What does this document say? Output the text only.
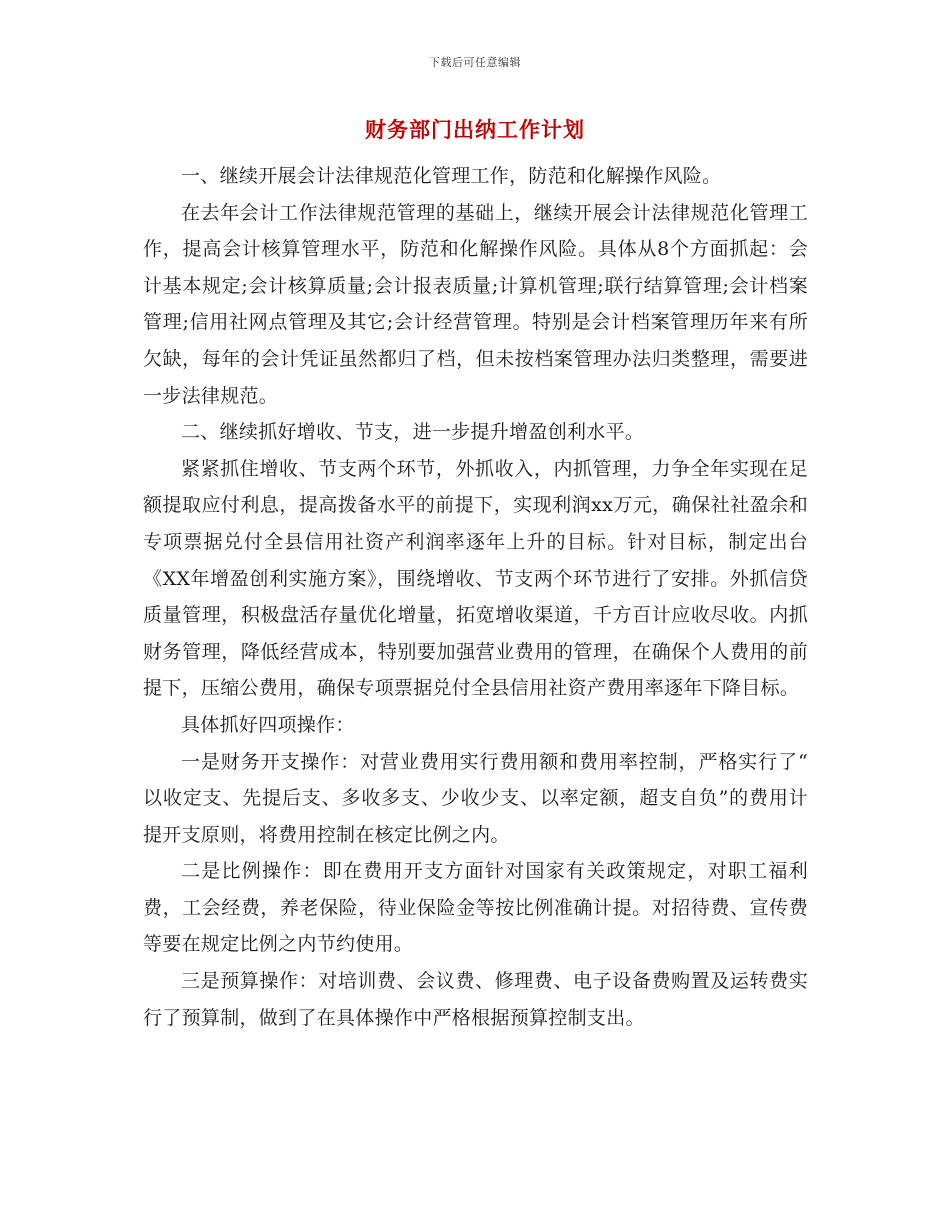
下载后可任意编辑
财务部门出纳工作计划

一、继续开展会计法律规范化管理工作，防范和化解操作风险。

在去年会计工作法律规范管理的基础上，继续开展会计法律规范化管理工作，提高会计核算管理水平，防范和化解操作风险。具体从8个方面抓起：会计基本规定;会计核算质量;会计报表质量;计算机管理;联行结算管理;会计档案管理;信用社网点管理及其它;会计经营管理。特别是会计档案管理历年来有所欠缺，每年的会计凭证虽然都归了档，但未按档案管理办法归类整理，需要进一步法律规范。

二、继续抓好增收、节支，进一步提升增盈创利水平。

紧紧抓住增收、节支两个环节，外抓收入，内抓管理，力争全年实现在足额提取应付利息，提高拨备水平的前提下，实现利润xx万元，确保社社盈余和专项票据兑付全县信用社资产利润率逐年上升的目标。针对目标，制定出台《XX年增盈创利实施方案》，围绕增收、节支两个环节进行了安排。外抓信贷质量管理，积极盘活存量优化增量，拓宽增收渠道，千方百计应收尽收。内抓财务管理，降低经营成本，特别要加强营业费用的管理，在确保个人费用的前提下，压缩公费用，确保专项票据兑付全县信用社资产费用率逐年下降目标。

具体抓好四项操作：

一是财务开支操作：对营业费用实行费用额和费用率控制，严格实行了“ 以收定支、先提后支、多收多支、少收少支、以率定额，超支自负”的费用计提开支原则，将费用控制在核定比例之内。

二是比例操作：即在费用开支方面针对国家有关政策规定，对职工福利费，工会经费，养老保险，待业保险金等按比例准确计提。对招待费、宣传费等要在规定比例之内节约使用。

三是预算操作：对培训费、会议费、修理费、电子设备费购置及运转费实行了预算制，做到了在具体操作中严格根据预算控制支出。
